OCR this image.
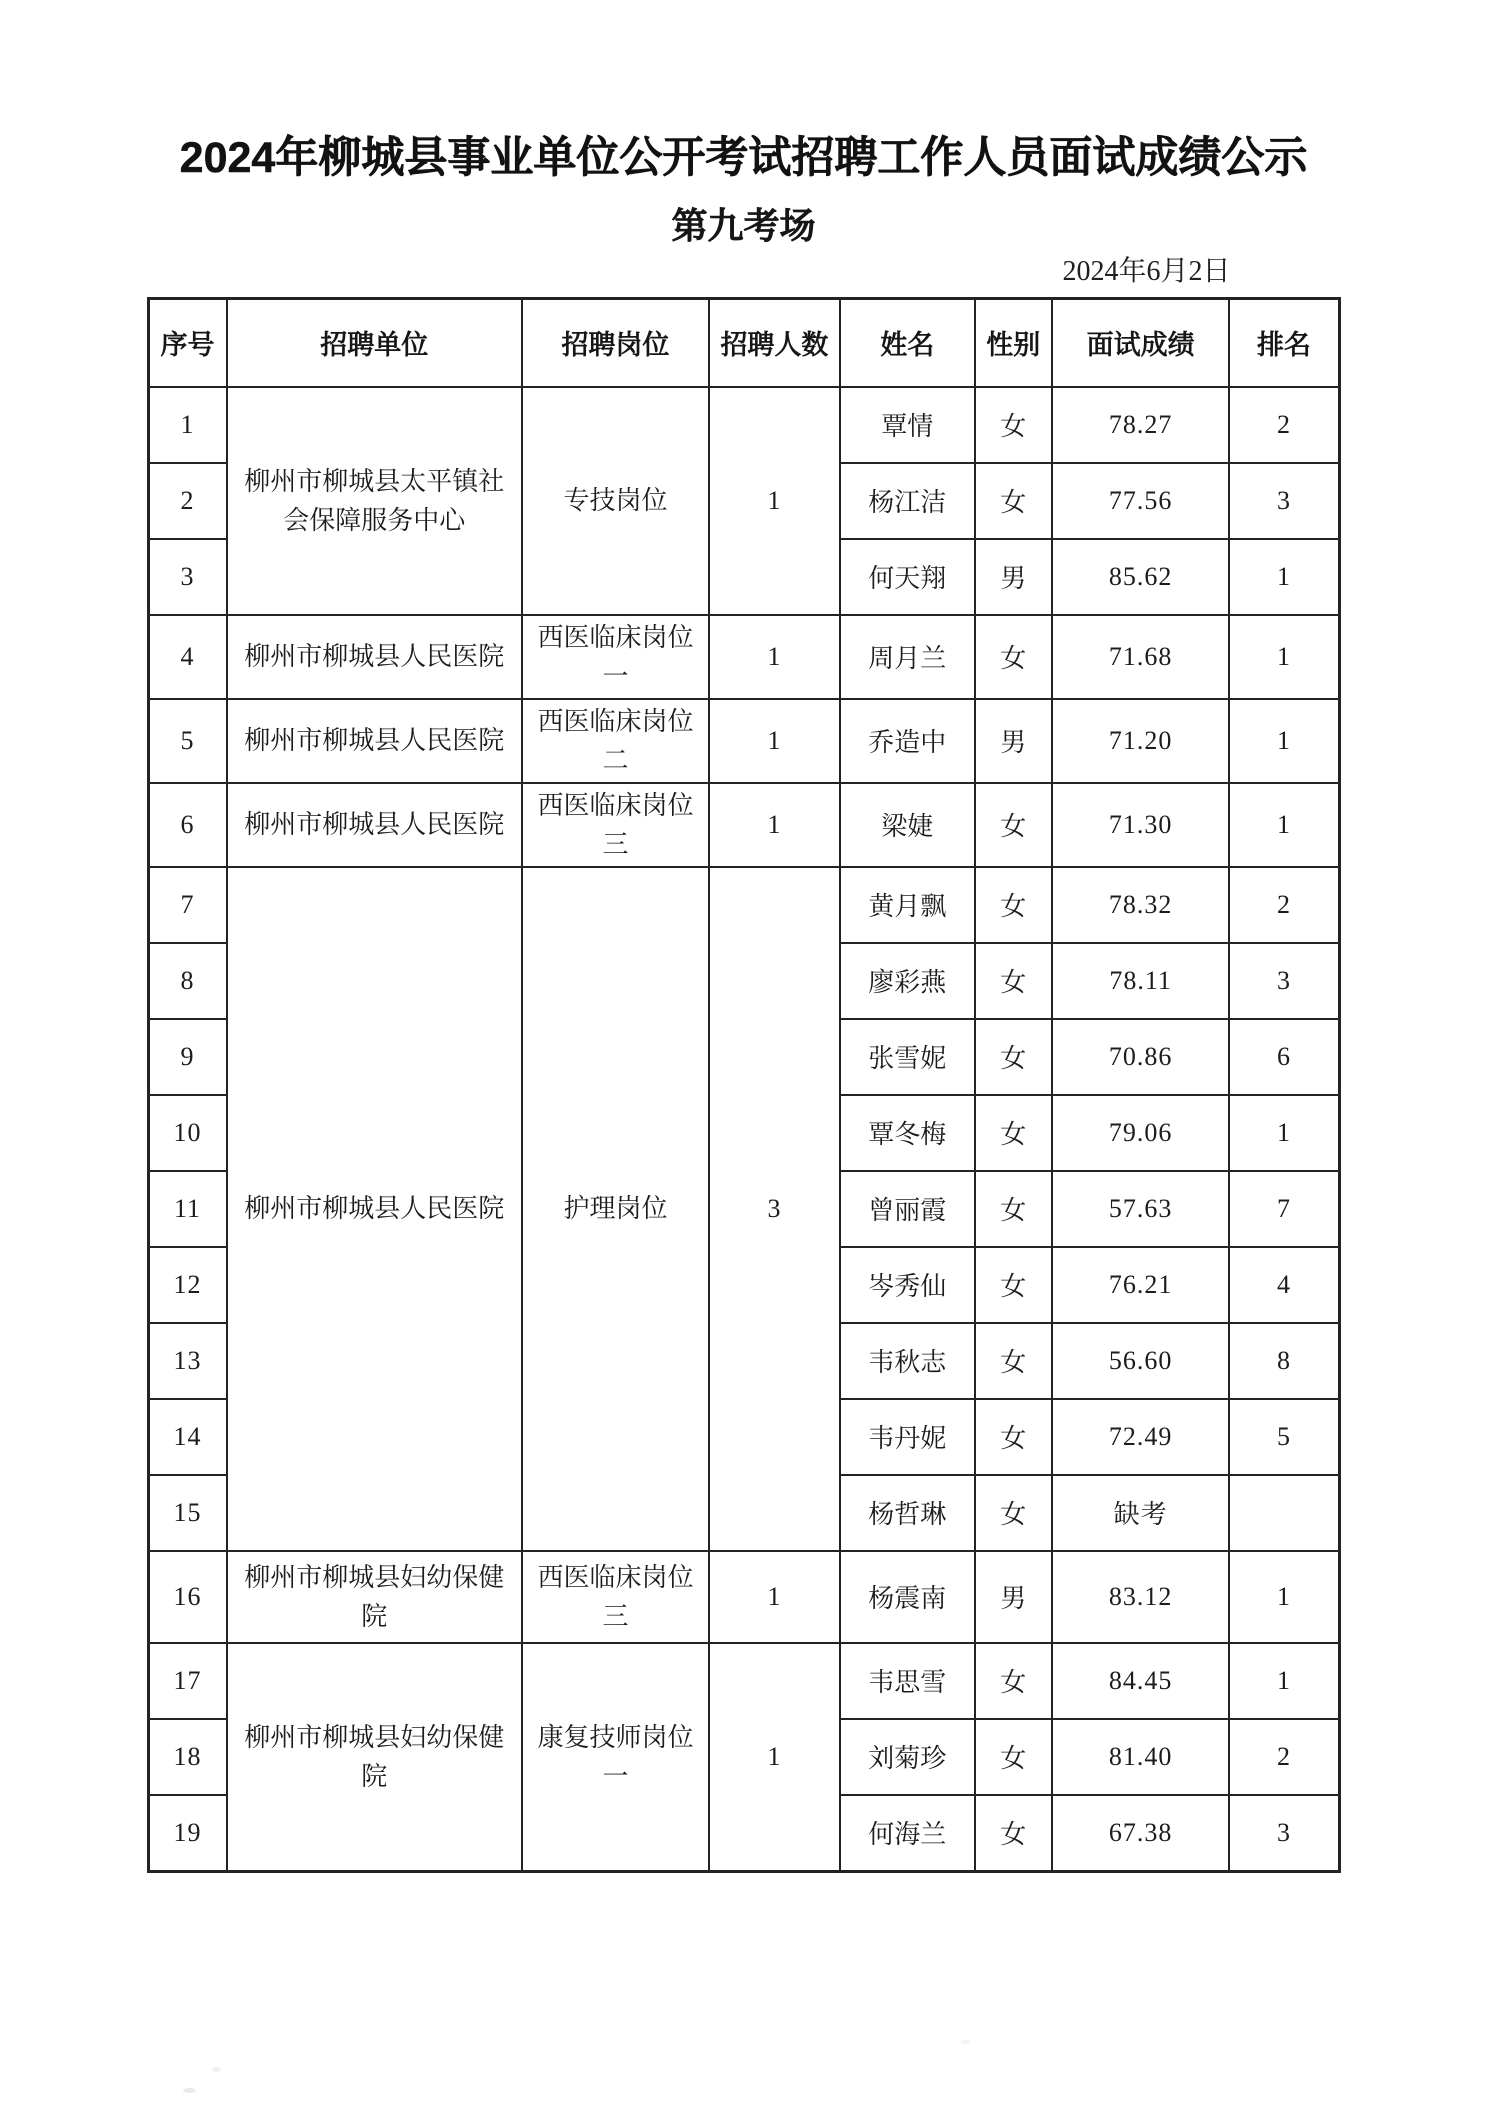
2024年柳城县事业单位公开考试招聘工作人员面试成绩公示
第九考场
2024年6月2日
序号	招聘单位	招聘岗位	招聘人数	姓名	性别	面试成绩	排名
1	柳州市柳城县太平镇社会保障服务中心	专技岗位	1	覃情	女	78.27	2
2				杨江洁	女	77.56	3
3				何天翔	男	85.62	1
4	柳州市柳城县人民医院	西医临床岗位一	1	周月兰	女	71.68	1
5	柳州市柳城县人民医院	西医临床岗位二	1	乔造中	男	71.20	1
6	柳州市柳城县人民医院	西医临床岗位三	1	梁婕	女	71.30	1
7	柳州市柳城县人民医院	护理岗位	3	黄月飘	女	78.32	2
8				廖彩燕	女	78.11	3
9				张雪妮	女	70.86	6
10				覃冬梅	女	79.06	1
11				曾丽霞	女	57.63	7
12				岑秀仙	女	76.21	4
13				韦秋志	女	56.60	8
14				韦丹妮	女	72.49	5
15				杨哲琳	女	缺考	
16	柳州市柳城县妇幼保健院	西医临床岗位三	1	杨震南	男	83.12	1
17	柳州市柳城县妇幼保健院	康复技师岗位一	1	韦思雪	女	84.45	1
18				刘菊珍	女	81.40	2
19				何海兰	女	67.38	3
